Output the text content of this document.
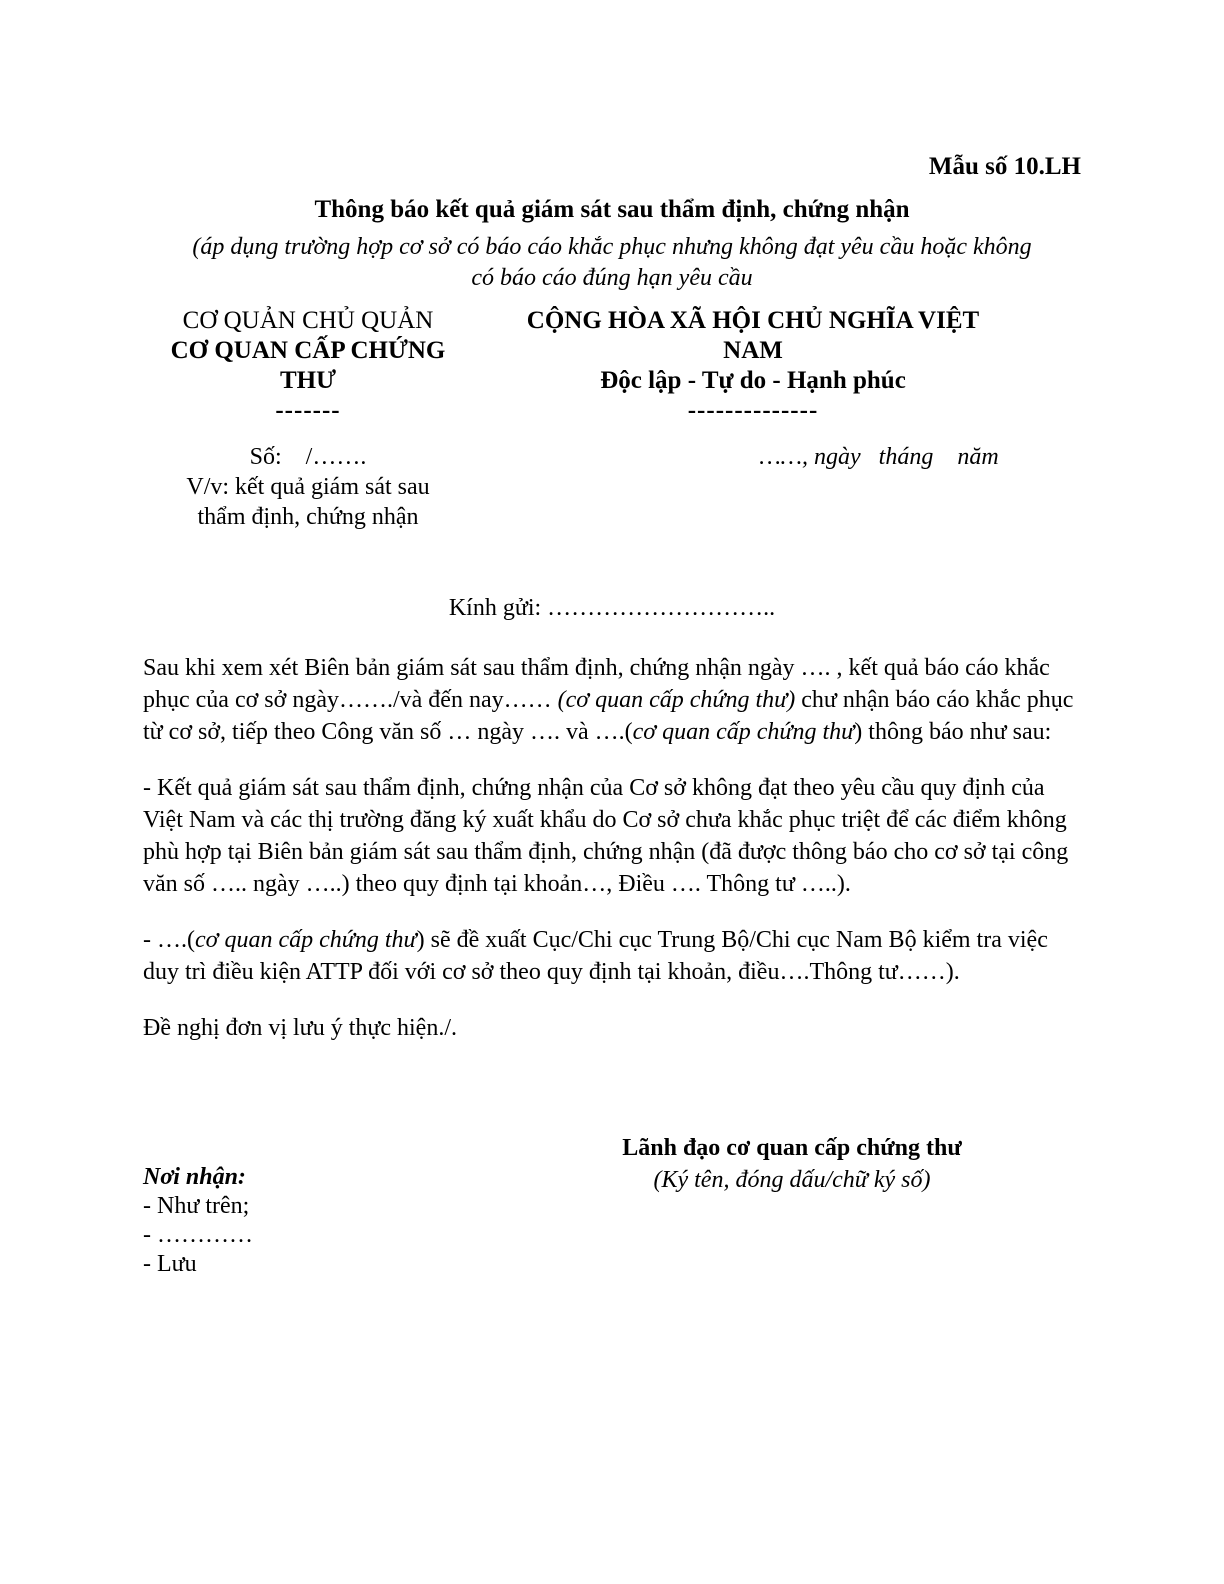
Mẫu số 10.LH
Thông báo kết quả giám sát sau thẩm định, chứng nhận
(áp dụng trường hợp cơ sở có báo cáo khắc phục nhưng không đạt yêu cầu hoặc không
có báo cáo đúng hạn yêu cầu
CƠ QUẢN CHỦ QUẢN
CƠ QUAN CẤP CHỨNG
THƯ
-------
Số:    /…….
V/v: kết quả giám sát sau
thẩm định, chứng nhận
CỘNG HÒA XÃ HỘI CHỦ NGHĨA VIỆT
NAM
Độc lập - Tự do - Hạnh phúc
--------------
……, ngày   tháng    năm
Kính gửi: ………………………..
Sau khi xem xét Biên bản giám sát sau thẩm định, chứng nhận ngày …. , kết quả báo cáo khắc phục của cơ sở ngày……./và đến nay…… (cơ quan cấp chứng thư) chư nhận báo cáo khắc phục từ cơ sở, tiếp theo Công văn số … ngày …. và ….(cơ quan cấp chứng thư) thông báo như sau:
- Kết quả giám sát sau thẩm định, chứng nhận của Cơ sở không đạt theo yêu cầu quy định của Việt Nam và các thị trường đăng ký xuất khẩu do Cơ sở chưa khắc phục triệt để các điểm không phù hợp tại Biên bản giám sát sau thẩm định, chứng nhận (đã được thông báo cho cơ sở tại công văn số ….. ngày …..) theo quy định tại khoản…, Điều …. Thông tư …..).
- ….(cơ quan cấp chứng thư) sẽ đề xuất Cục/Chi cục Trung Bộ/Chi cục Nam Bộ kiểm tra việc duy trì điều kiện ATTP đối với cơ sở theo quy định tại khoản, điều….Thông tư……).
Đề nghị đơn vị lưu ý thực hiện./.
Nơi nhận:
- Như trên;
- …………
- Lưu
Lãnh đạo cơ quan cấp chứng thư
(Ký tên, đóng dấu/chữ ký số)
